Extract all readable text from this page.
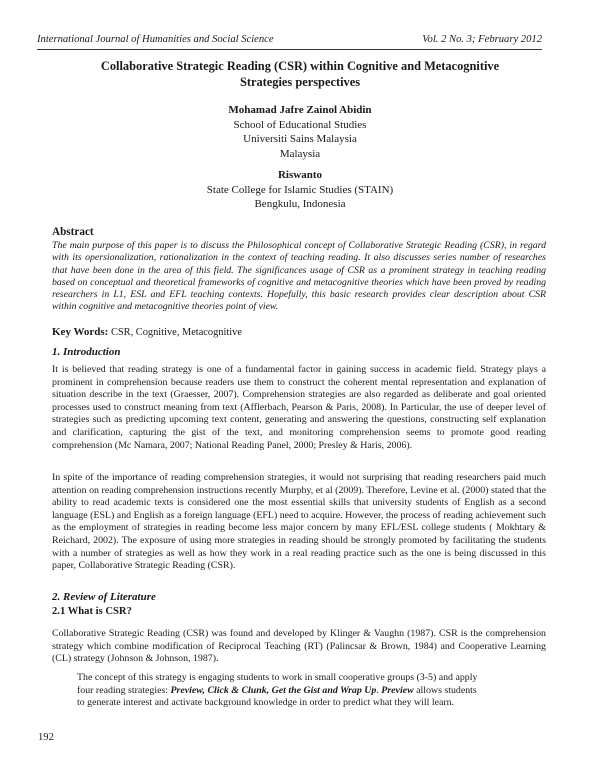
International Journal of Humanities and Social Science	Vol. 2 No. 3; February 2012
Collaborative Strategic Reading (CSR) within Cognitive and Metacognitive
Strategies perspectives
Mohamad Jafre Zainol Abidin
School of Educational Studies
Universiti Sains Malaysia
Malaysia
Riswanto
State College for Islamic Studies (STAIN)
Bengkulu, Indonesia
Abstract
The main purpose of this paper is to discuss the Philosophical concept of Collaborative Strategic Reading (CSR), in regard with its opersionalization, rationalization in the context of teaching reading. It also discusses series number of researches that have been done in the area of this field. The significances usage of CSR as a prominent strategy in teaching reading based on conceptual and theoretical frameworks of cognitive and metacognitive theories which have been proved by reading researchers in L1, ESL and EFL teaching contexts. Hopefully, this basic research provides clear description about CSR within cognitive and metacognitive theories point of view.
Key Words: CSR, Cognitive, Metacognitive
1. Introduction
It is believed that reading strategy is one of a fundamental factor in gaining success in academic field. Strategy plays a prominent in comprehension because readers use them to construct the coherent mental representation and explanation of situation describe in the text (Graesser, 2007). Comprehension strategies are also regarded as deliberate and goal oriented processes used to construct meaning from text (Afflerbach, Pearson & Paris, 2008). In Particular, the use of deeper level of strategies such as predicting upcoming text content, generating and answering the questions, constructing self explanation and clarification, capturing the gist of the text, and monitoring comprehension seems to promote good reading comprehension (Mc Namara, 2007; National Reading Panel, 2000; Presley & Haris, 2006).
In spite of the importance of reading comprehension strategies, it would not surprising that reading researchers paid much attention on reading comprehension instructions recently Murphy, et al (2009). Therefore, Levine et al. (2000) stated that the ability to read academic texts is considered one the most essential skills that university students of English as a second language (ESL) and English as a foreign language (EFL) need to acquire. However, the process of reading achievement such as the employment of strategies in reading become less major concern by many EFL/ESL college students ( Mokhtary & Reichard, 2002). The exposure of using more strategies in reading should be strongly promoted by facilitating the students with a number of strategies as well as how they work in a real reading practice such as the one is being discussed in this paper, Collaborative Strategic Reading (CSR).
2. Review of Literature
2.1 What is CSR?
Collaborative Strategic Reading (CSR) was found and developed by Klinger & Vaughn (1987). CSR is the comprehension strategy which combine modification of Reciprocal Teaching (RT) (Palincsar & Brown, 1984) and Cooperative Learning (CL) strategy (Johnson & Johnson, 1987).
The concept of this strategy is engaging students to work in small cooperative groups (3-5) and apply
four reading strategies: Preview, Click & Clunk, Get the Gist and Wrap Up. Preview allows students
to generate interest and activate background knowledge in order to predict what they will learn.
192
